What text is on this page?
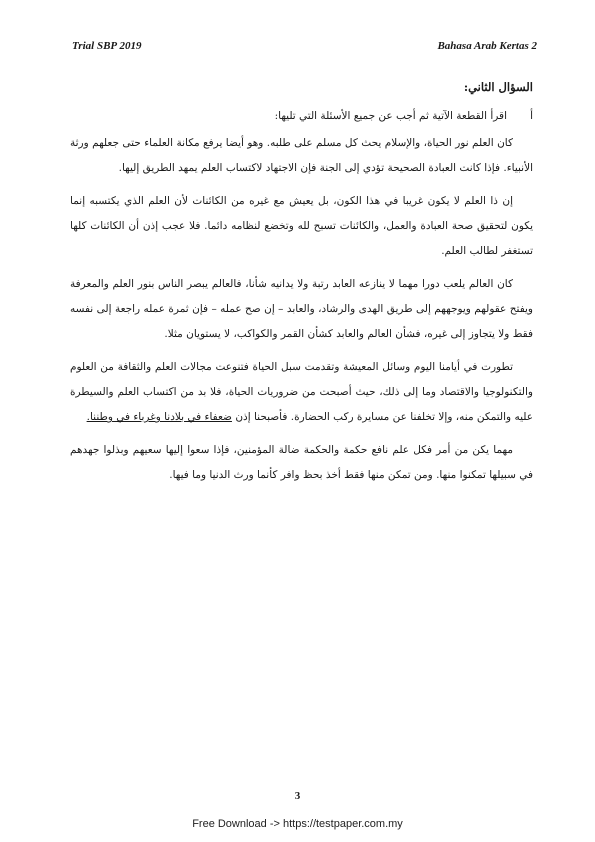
Trial SBP 2019	Bahasa Arab Kertas 2

السؤال الثاني:

أ
اقرأ القطعة الآتية ثم أجب عن جميع الأسئلة التي تليها:

كان العلم نور الحياة، والإسلام يحث كل مسلم على طلبه. وهو أيضا يرفع مكانة العلماء حتى جعلهم ورثة الأنبياء. فإذا كانت العبادة الصحيحة تؤدي إلى الجنة فإن الاجتهاد لاكتساب العلم يمهد الطريق إليها.

إن ذا العلم لا يكون غريبا في هذا الكون، بل يعيش مع غيره من الكائنات لأن العلم الذي يكتسبه إنما يكون لتحقيق صحة العبادة والعمل، والكائنات تسبح لله وتخضع لنظامه دائما. فلا عجب إذن أن الكائنات كلها تستغفر لطالب العلم.

كان العالم يلعب دورا مهما لا ينازعه العابد رتبة ولا يدانيه شأنا، فالعالم يبصر الناس بنور العلم والمعرفة ويفتح عقولهم ويوجههم إلى طريق الهدى والرشاد، والعابد – إن صح عمله – فإن ثمرة عمله راجعة إلى نفسه فقط ولا يتجاوز إلى غيره، فشأن العالم والعابد كشأن القمر والكواكب، لا يستويان مثلا.

تطورت في أيامنا اليوم وسائل المعيشة وتقدمت سبل الحياة فتنوعت مجالات العلم والثقافة من العلوم والتكنولوجيا والاقتصاد وما إلى ذلك، حيث أصبحت من ضروريات الحياة، فلا بد من اكتساب العلم والسيطرة عليه والتمكن منه، وإلا تخلفنا عن مسايرة ركب الحضارة. فأصبحنا إذن ضعفاء في بلادنا وغرباء في وطننا.

مهما يكن من أمر فكل علم نافع حكمة والحكمة ضالة المؤمنين، فإذا سعوا إليها سعيهم وبذلوا جهدهم في سبيلها تمكنوا منها. ومن تمكن منها فقط أخذ بحظ وافر كأنما ورث الدنيا وما فيها.

3
Free Download -> https://testpaper.com.my
